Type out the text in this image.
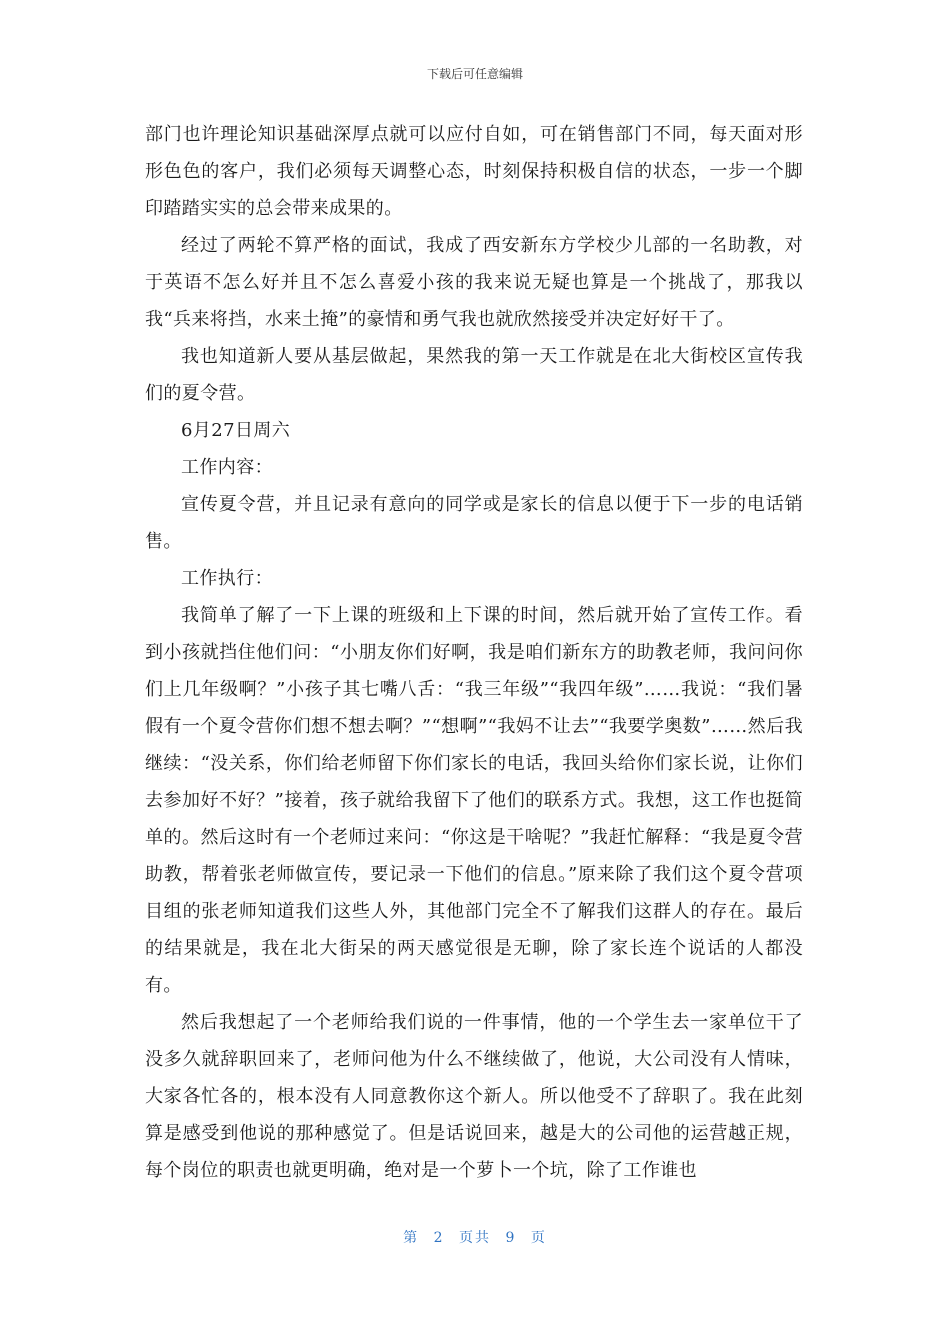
下载后可任意编辑

部门也许理论知识基础深厚点就可以应付自如，可在销售部门不同，每天面对形形色色的客户，我们必须每天调整心态，时刻保持积极自信的状态，一步一个脚印踏踏实实的总会带来成果的。

经过了两轮不算严格的面试，我成了西安新东方学校少儿部的一名助教，对于英语不怎么好并且不怎么喜爱小孩的我来说无疑也算是一个挑战了，那我以我“兵来将挡，水来土掩”的豪情和勇气我也就欣然接受并决定好好干了。

我也知道新人要从基层做起，果然我的第一天工作就是在北大街校区宣传我们的夏令营。

6月27日周六

工作内容：

宣传夏令营，并且记录有意向的同学或是家长的信息以便于下一步的电话销售。

工作执行：

我简单了解了一下上课的班级和上下课的时间，然后就开始了宣传工作。看到小孩就挡住他们问：“小朋友你们好啊，我是咱们新东方的助教老师，我问问你们上几年级啊？”小孩子其七嘴八舌：“我三年级”“我四年级”……我说：“我们暑假有一个夏令营你们想不想去啊？”“想啊”“我妈不让去”“我要学奥数”……然后我继续：“没关系，你们给老师留下你们家长的电话，我回头给你们家长说，让你们去参加好不好？”接着，孩子就给我留下了他们的联系方式。我想，这工作也挺简单的。然后这时有一个老师过来问：“你这是干啥呢？”我赶忙解释：“我是夏令营助教，帮着张老师做宣传，要记录一下他们的信息。”原来除了我们这个夏令营项目组的张老师知道我们这些人外，其他部门完全不了解我们这群人的存在。最后的结果就是，我在北大街呆的两天感觉很是无聊，除了家长连个说话的人都没有。

然后我想起了一个老师给我们说的一件事情，他的一个学生去一家单位干了没多久就辞职回来了，老师问他为什么不继续做了，他说，大公司没有人情味，大家各忙各的，根本没有人同意教你这个新人。所以他受不了辞职了。我在此刻算是感受到他说的那种感觉了。但是话说回来，越是大的公司他的运营越正规，每个岗位的职责也就更明确，绝对是一个萝卜一个坑，除了工作谁也

第 2 页共 9 页
